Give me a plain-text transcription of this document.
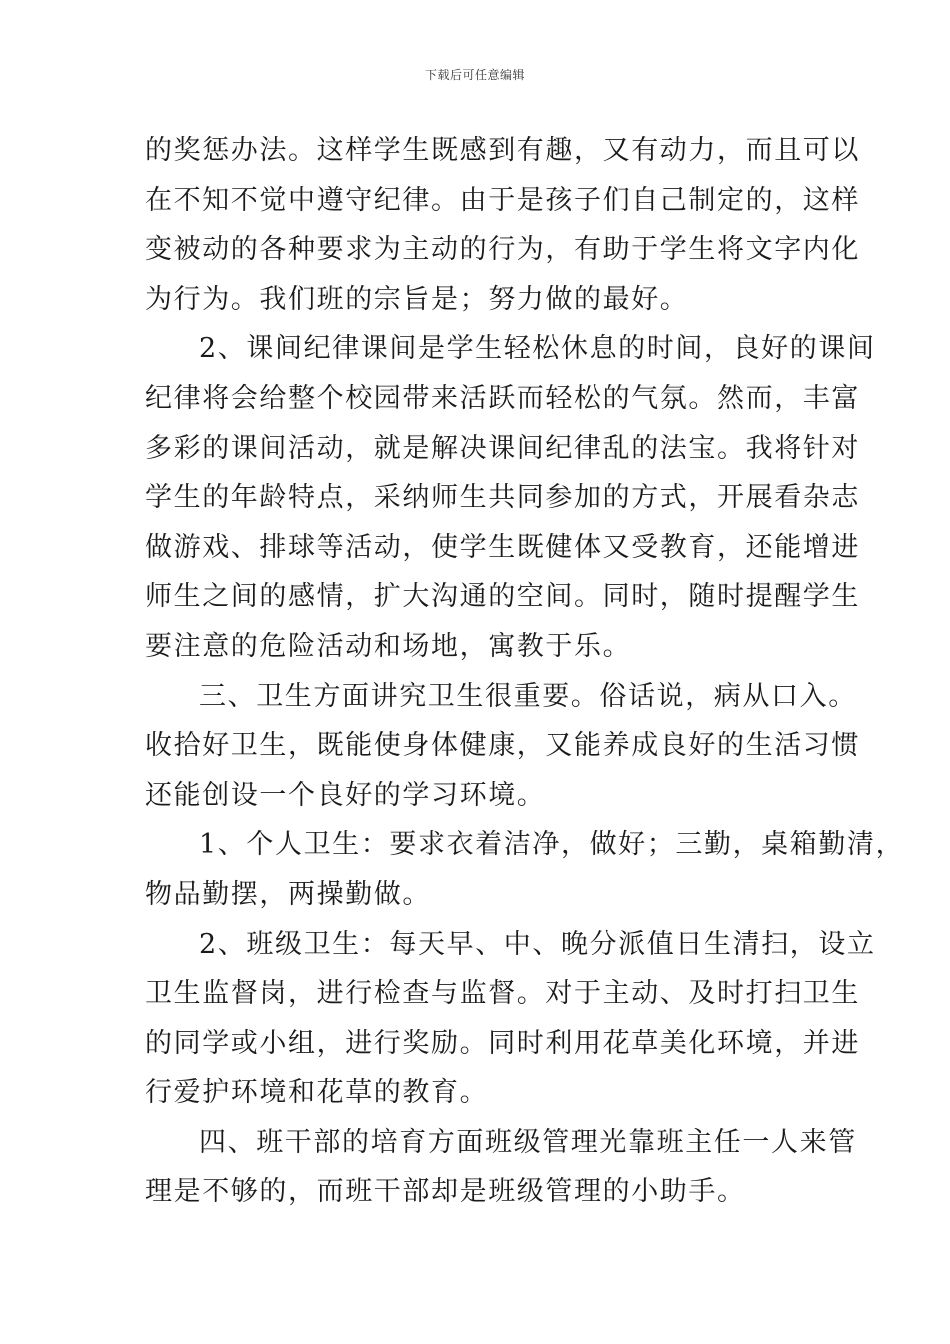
下载后可任意编辑
的奖惩办法。这样学生既感到有趣，又有动力，而且可以
在不知不觉中遵守纪律。由于是孩子们自己制定的，这样
变被动的各种要求为主动的行为，有助于学生将文字内化
为行为。我们班的宗旨是；努力做的最好。
2、课间纪律课间是学生轻松休息的时间，良好的课间
纪律将会给整个校园带来活跃而轻松的气氛。然而，丰富
多彩的课间活动，就是解决课间纪律乱的法宝。我将针对
学生的年龄特点，采纳师生共同参加的方式，开展看杂志
做游戏、排球等活动，使学生既健体又受教育，还能增进
师生之间的感情，扩大沟通的空间。同时，随时提醒学生
要注意的危险活动和场地，寓教于乐。
三、卫生方面讲究卫生很重要。俗话说，病从口入。
收拾好卫生，既能使身体健康，又能养成良好的生活习惯
还能创设一个良好的学习环境。
1、个人卫生：要求衣着洁净，做好；三勤，桌箱勤清，
物品勤摆，两操勤做。
2、班级卫生：每天早、中、晚分派值日生清扫，设立
卫生监督岗，进行检查与监督。对于主动、及时打扫卫生
的同学或小组，进行奖励。同时利用花草美化环境，并进
行爱护环境和花草的教育。
四、班干部的培育方面班级管理光靠班主任一人来管
理是不够的，而班干部却是班级管理的小助手。
